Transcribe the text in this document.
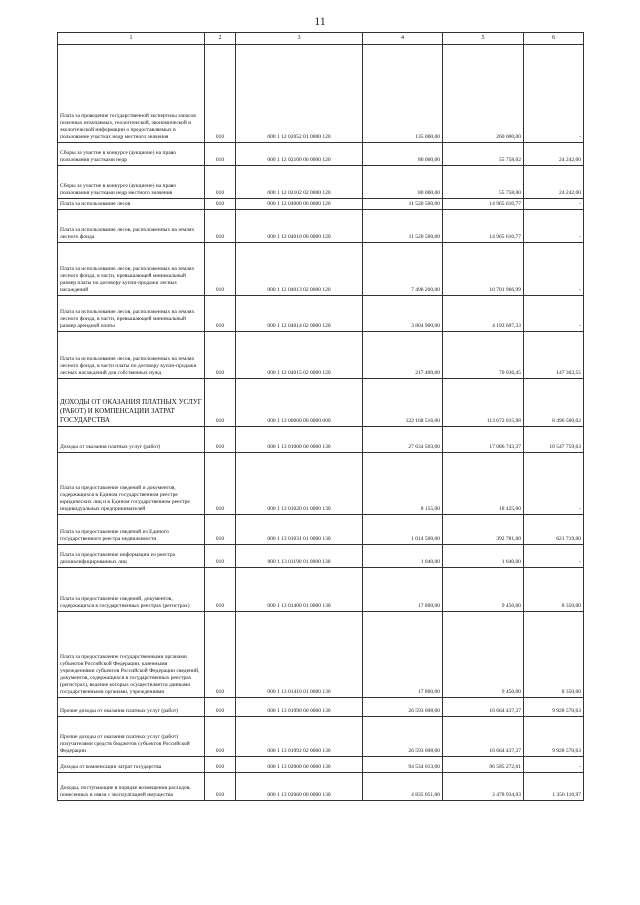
11
1	2	3	4	5	6
Плата за проведение государственной экспертизы запасов полезных ископаемых, геологической, экономической и экологической информации о предоставляемых в пользование участках недр местного значения	010	000 1 12 02052 01 0000 120	135 000,00	260 000,00	-
Сборы за участие в конкурсе (аукционе) на право пользования участками недр	010	000 1 12 02100 00 0000 120	80 000,00	55 758,02	24 242,00
Сборы за участие в конкурсе (аукционе) на право пользования участками недр местного значения	010	000 1 12 02102 02 0000 120	80 000,00	55 758,00	24 242,00
Плата за использование лесов	010	000 1 12 04000 00 0000 120	11 520 500,00	14 965 610,77	-
Плата за использование лесов, расположенных на землях лесного фонда	010	000 1 12 04010 00 0000 120	11 520 500,00	14 965 610,77	-
Плата за использование лесов, расположенных на землях лесного фонда, в части, превышающей минимальный размер платы по договору купли-продажи лесных насаждений	010	000 1 12 04013 02 0000 120	7 498 200,00	10 701 966,99	-
Плата за использование лесов, расположенных на землях лесного фонда, в части, превышающей минимальный размер арендной платы	010	000 1 12 04014 02 0000 120	3 804 900,00	4 193 607,33	-
Плата за использование лесов, расположенных на землях лесного фонда, в части платы по договору купли-продажи лесных насаждений для собственных нужд	010	000 1 12 04015 02 0000 120	217 400,00	70 036,45	147 363,55
ДОХОДЫ ОТ ОКАЗАНИЯ ПЛАТНЫХ УСЛУГ (РАБОТ) И КОМПЕНСАЦИИ ЗАТРАТ ГОСУДАРСТВА	010	000 1 13 00000 00 0000 000	122 168 516,00	113 672 015,98	8 496 500,02
Доходы от оказания платных услуг (работ)	010	000 1 13 01000 00 0000 130	27 634 503,00	17 086 743,37	10 547 759,63
Плата за предоставление сведений и документов, содержащихся в Едином государственном реестре юридических лиц и в Едином государственном реестре индивидуальных предпринимателей	010	000 1 13 01020 01 0000 130	8 155,00	18 425,00	-
Плата за предоставление сведений из Единого государственного реестра недвижимости	010	000 1 13 01031 01 0000 130	1 014 500,00	392 781,00	621 719,00
Плата за предоставление информации из реестра дисквалифицированных лиц	010	000 1 13 01190 01 0000 130	1 040,00	1 640,00	-
Плата за предоставление сведений, документов, содержащихся в государственных реестрах (регистрах)	010	000 1 13 01400 01 0000 130	17 800,00	9 450,00	8 350,00
Плата за предоставление государственными органами субъектов Российской Федерации, казенными учреждениями субъектов Российской Федерации сведений, документов, содержащихся в государственных реестрах (регистрах), ведение которых осуществляется данными государственными органами, учреждениями	010	000 1 13 01410 01 0000 130	17 800,00	9 450,00	8 350,00
Прочие доходы от оказания платных услуг (работ)	010	000 1 13 01990 00 0000 130	26 593 008,00	16 664 437,37	9 928 570,63
Прочие доходы от оказания платных услуг (работ) получателями средств бюджетов субъектов Российской Федерации	010	000 1 13 01992 02 0000 130	26 593 008,00	16 664 437,37	9 928 570,63
Доходы от компенсации затрат государства	010	000 1 13 02000 00 0000 130	94 534 013,00	96 585 272,61	-
Доходы, поступающие в порядке возмещения расходов, понесенных в связи с эксплуатацией имущества	010	000 1 13 02060 00 0000 130	4 835 051,00	3 478 934,03	1 356 116,97
